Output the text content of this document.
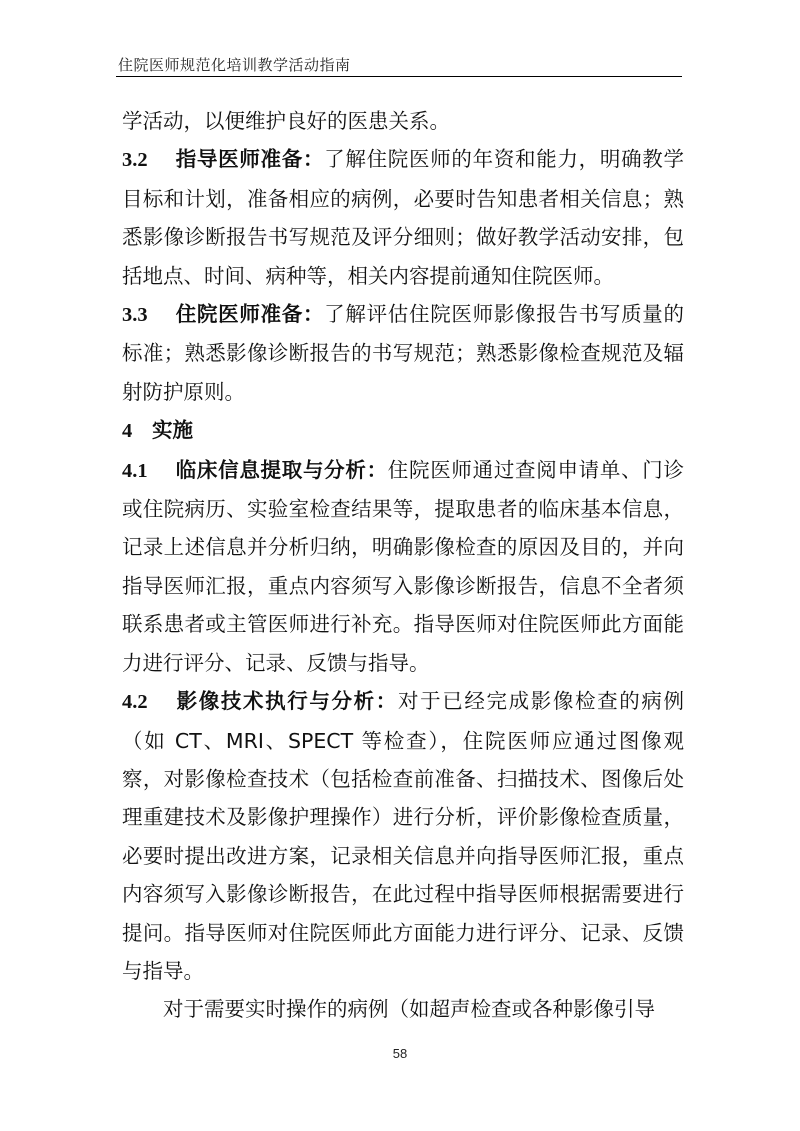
住院医师规范化培训教学活动指南

学活动，以便维护良好的医患关系。

3.2 指导医师准备：了解住院医师的年资和能力，明确教学目标和计划，准备相应的病例，必要时告知患者相关信息；熟悉影像诊断报告书写规范及评分细则；做好教学活动安排，包括地点、时间、病种等，相关内容提前通知住院医师。

3.3 住院医师准备：了解评估住院医师影像报告书写质量的标准；熟悉影像诊断报告的书写规范；熟悉影像检查规范及辐射防护原则。

4 实施

4.1 临床信息提取与分析：住院医师通过查阅申请单、门诊或住院病历、实验室检查结果等，提取患者的临床基本信息，记录上述信息并分析归纳，明确影像检查的原因及目的，并向指导医师汇报，重点内容须写入影像诊断报告，信息不全者须联系患者或主管医师进行补充。指导医师对住院医师此方面能力进行评分、记录、反馈与指导。

4.2 影像技术执行与分析：对于已经完成影像检查的病例（如 CT、MRI、SPECT 等检查），住院医师应通过图像观察，对影像检查技术（包括检查前准备、扫描技术、图像后处理重建技术及影像护理操作）进行分析，评价影像检查质量，必要时提出改进方案，记录相关信息并向指导医师汇报，重点内容须写入影像诊断报告，在此过程中指导医师根据需要进行提问。指导医师对住院医师此方面能力进行评分、记录、反馈与指导。

对于需要实时操作的病例（如超声检查或各种影像引导

58
